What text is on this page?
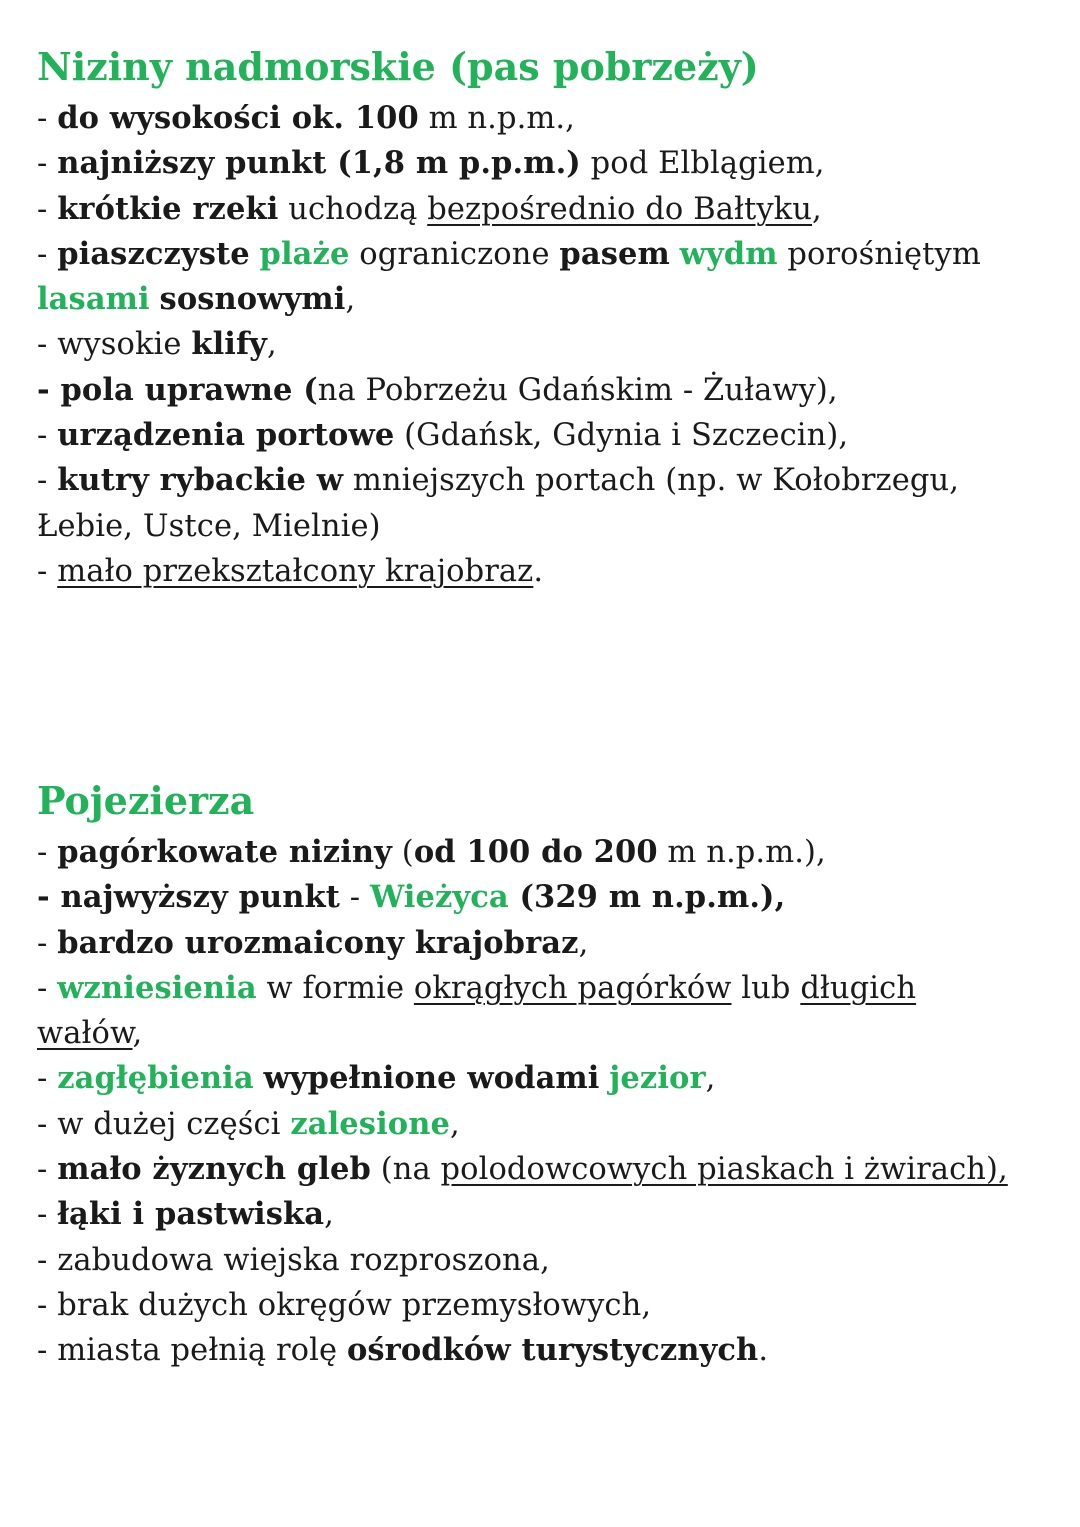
Niziny nadmorskie (pas pobrzeży)
- do wysokości ok. 100 m n.p.m.,
- najniższy punkt (1,8 m p.p.m.) pod Elblągiem,
- krótkie rzeki uchodzą bezpośrednio do Bałtyku,
- piaszczyste plaże ograniczone pasem wydm porośniętym
lasami sosnowymi,
- wysokie klify,
- pola uprawne (na Pobrzeżu Gdańskim - Żuławy),
- urządzenia portowe (Gdańsk, Gdynia i Szczecin),
- kutry rybackie w mniejszych portach (np. w Kołobrzegu,
Łebie, Ustce, Mielnie)
- mało przekształcony krajobraz.
Pojezierza
- pagórkowate niziny (od 100 do 200 m n.p.m.),
- najwyższy punkt - Wieżyca (329 m n.p.m.),
- bardzo urozmaicony krajobraz,
- wzniesienia w formie okrągłych pagórków lub długich
wałów,
- zagłębienia wypełnione wodami jezior,
- w dużej części zalesione,
- mało żyznych gleb (na polodowcowych piaskach i żwirach),
- łąki i pastwiska,
- zabudowa wiejska rozproszona,
- brak dużych okręgów przemysłowych,
- miasta pełnią rolę ośrodków turystycznych.
